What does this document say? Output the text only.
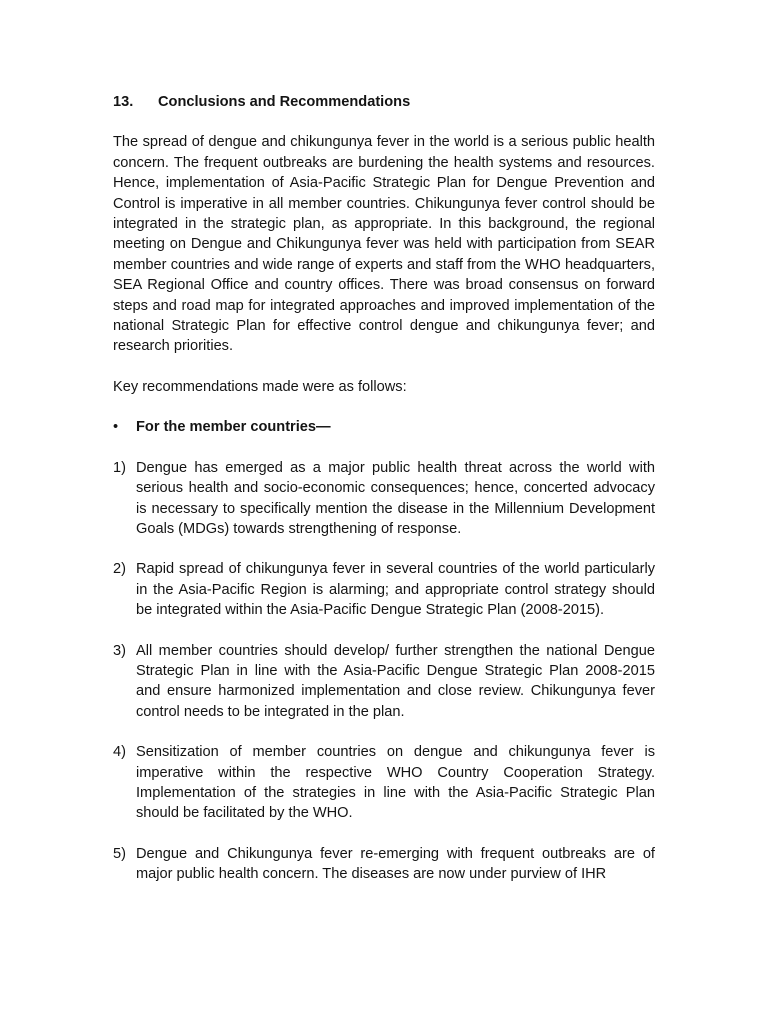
13.	Conclusions and Recommendations

The spread of dengue and chikungunya fever in the world is a serious public health concern. The frequent outbreaks are burdening the health systems and resources. Hence, implementation of Asia-Pacific Strategic Plan for Dengue Prevention and Control is imperative in all member countries. Chikungunya fever control should be integrated in the strategic plan, as appropriate. In this background, the regional meeting on Dengue and Chikungunya fever was held with participation from SEAR member countries and wide range of experts and staff from the WHO headquarters, SEA Regional Office and country offices. There was broad consensus on forward steps and road map for integrated approaches and improved implementation of the national Strategic Plan for effective control dengue and chikungunya fever; and research priorities.

Key recommendations made were as follows:

•	For the member countries—
1) Dengue has emerged as a major public health threat across the world with serious health and socio-economic consequences; hence, concerted advocacy is necessary to specifically mention the disease in the Millennium Development Goals (MDGs) towards strengthening of response.
2) Rapid spread of chikungunya fever in several countries of the world particularly in the Asia-Pacific Region is alarming; and appropriate control strategy should be integrated within the Asia-Pacific Dengue Strategic Plan (2008-2015).
3) All member countries should develop/ further strengthen the national Dengue Strategic Plan in line with the Asia-Pacific Dengue Strategic Plan 2008-2015 and ensure harmonized implementation and close review. Chikungunya fever control needs to be integrated in the plan.
4) Sensitization of member countries on dengue and chikungunya fever is imperative within the respective WHO Country Cooperation Strategy. Implementation of the strategies in line with the Asia-Pacific Strategic Plan should be facilitated by the WHO.
5) Dengue and Chikungunya fever re-emerging with frequent outbreaks are of major public health concern. The diseases are now under purview of IHR
